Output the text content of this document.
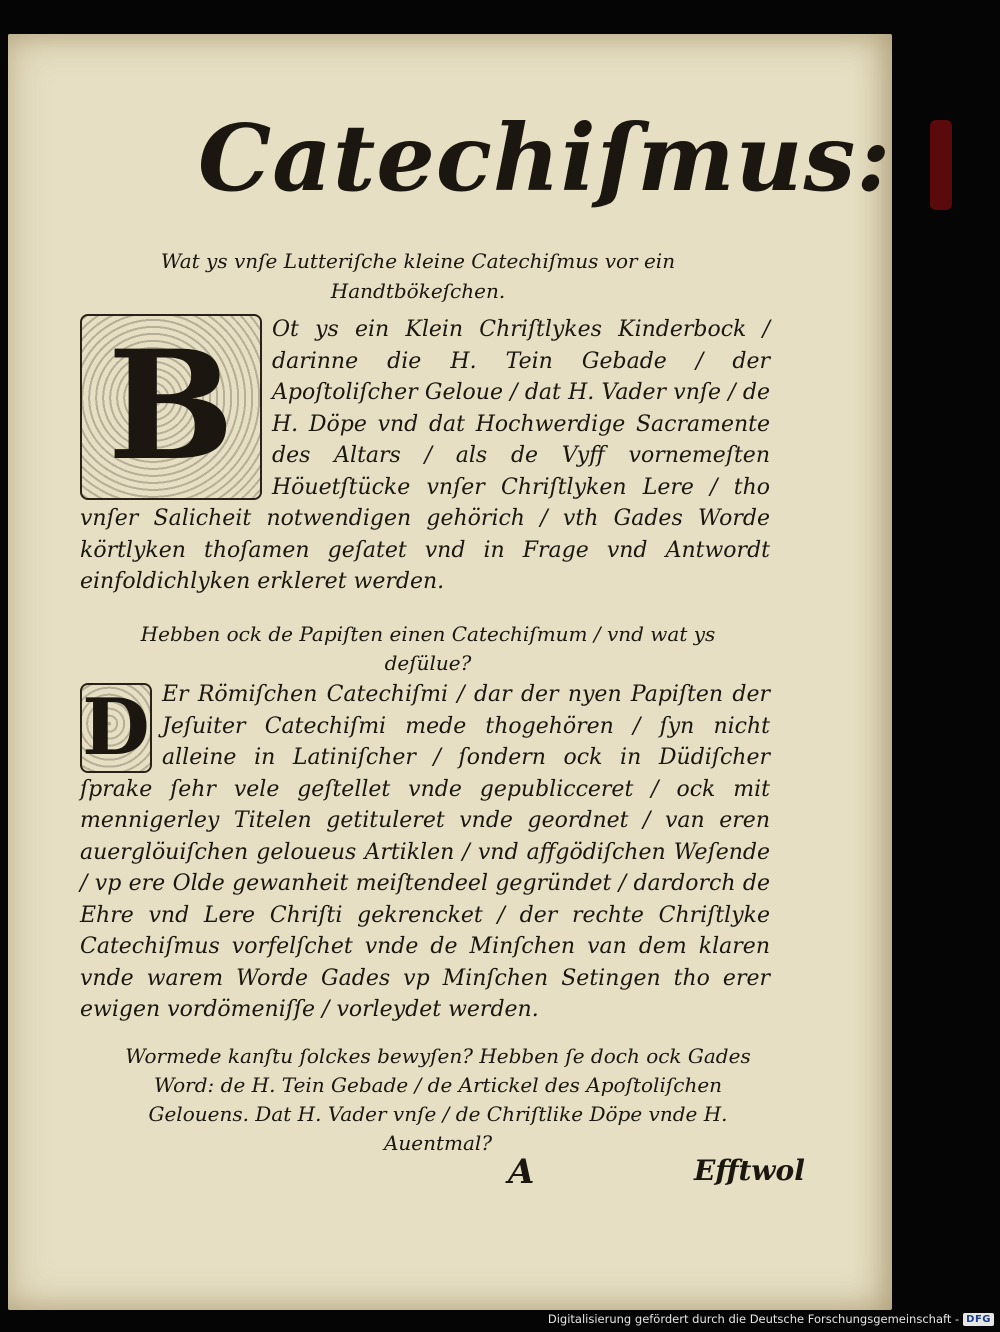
Catechiſmus:
Wat ys vnſe Lutteriſche kleine Catechiſmus vor ein Handtbökeſchen.
B	Ot ys ein Klein Chriſtlykes Kinderbock / darinne die H. Tein Gebade / der Apoſtoliſcher Geloue / dat H. Vader vnſe / de H. Döpe vnd dat Hochwerdige Sacramente des Altars / als de Vyff vornemeſten Höuetſtücke vnſer Chriſtlyken Lere / tho vnſer Salicheit notwendigen gehörich / vth Gades Worde körtlyken thoſamen geſatet vnd in Frage vnd Antwordt einfoldichlyken erkleret werden.
Hebben ock de Papiſten einen Catechiſmum / vnd wat ys deſülue?
D Er Römiſchen Catechiſmi / dar der nyen Papiſten der Jeſuiter Catechiſmi mede thogehören / ſyn nicht alleine in Latiniſcher / ſondern ock in Düdiſcher ſprake ſehr vele geſtellet vnde gepublicceret / ock mit mennigerley Titelen getituleret vnde geordnet / van eren auerglöuiſchen geloueus Artiklen / vnd affgödiſchen Weſende / vp ere Olde gewanheit meiſtendeel gegründet / dardorch de Ehre vnd Lere Chriſti gekrencket / der rechte Chriſtlyke Catechiſmus vorfelſchet vnde de Minſchen van dem klaren vnde warem Worde Gades vp Minſchen Setingen tho erer ewigen vordömeniſſe / vorleydet werden.
Wormede kanſtu ſolckes bewyſen? Hebben ſe doch ock Gades Word: de H. Tein Gebade / de Artickel des Apoſtoliſchen Gelouens. Dat H. Vader vnſe / de Chriſtlike Döpe vnde H. Auentmal?
A	Efftwol
Digitalisierung gefördert durch die Deutsche Forschungsgemeinschaft - DFG
